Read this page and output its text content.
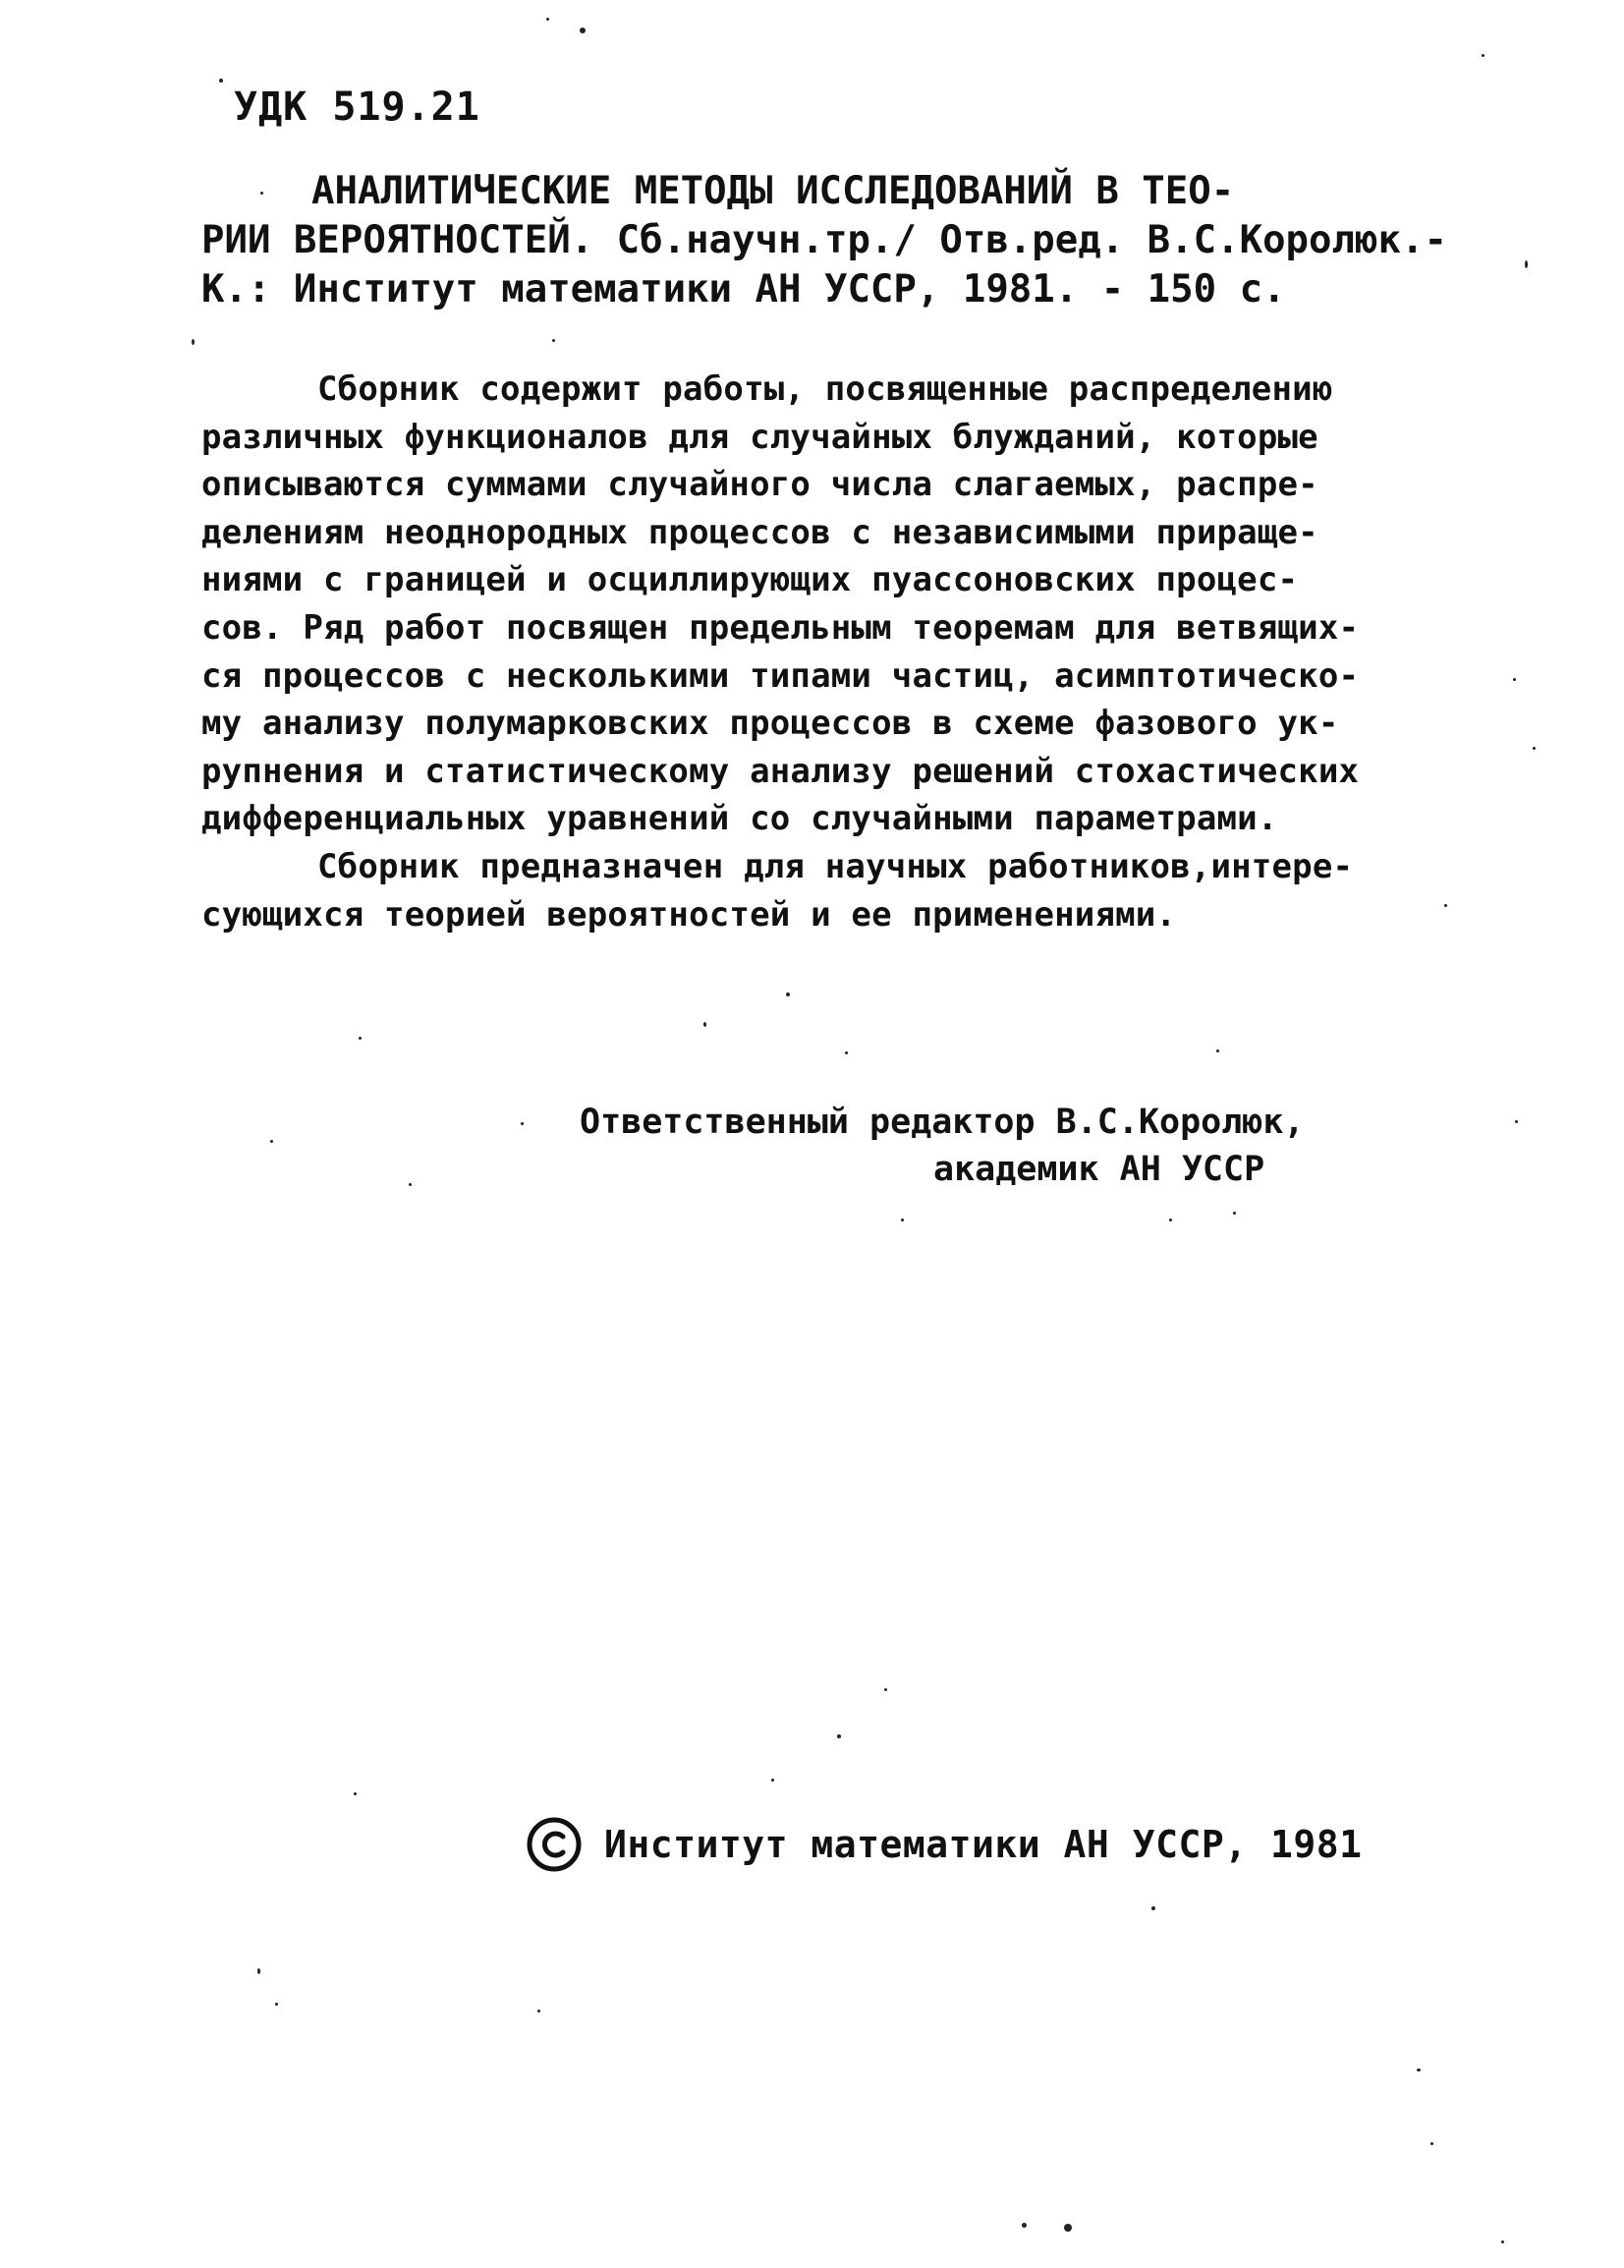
УДК 519.21
АНАЛИТИЧЕСКИЕ МЕТОДЫ ИССЛЕДОВАНИЙ В ТЕО-
РИИ ВЕРОЯТНОСТЕЙ. Сб.научн.тр./ Отв.ред. В.С.Королюк.-
К.: Институт математики АН УССР, 1981. - 150 с.
Сборник содержит работы, посвященные распределению
различных функционалов для случайных блужданий, которые
описываются суммами случайного числа слагаемых, распре-
делениям неоднородных процессов с независимыми прираще-
ниями с границей и осциллирующих пуассоновских процес-
сов. Ряд работ посвящен предельным теоремам для ветвящих-
ся процессов с несколькими типами частиц, асимптотическо-
му анализу полумарковских процессов в схеме фазового ук-
рупнения и статистическому анализу решений стохастических
дифференциальных уравнений со случайными параметрами.
Сборник предназначен для научных работников,интере-
сующихся теорией вероятностей и ее применениями.
Ответственный редактор В.С.Королюк,
академик АН УССР
Институт математики АН УССР, 1981
